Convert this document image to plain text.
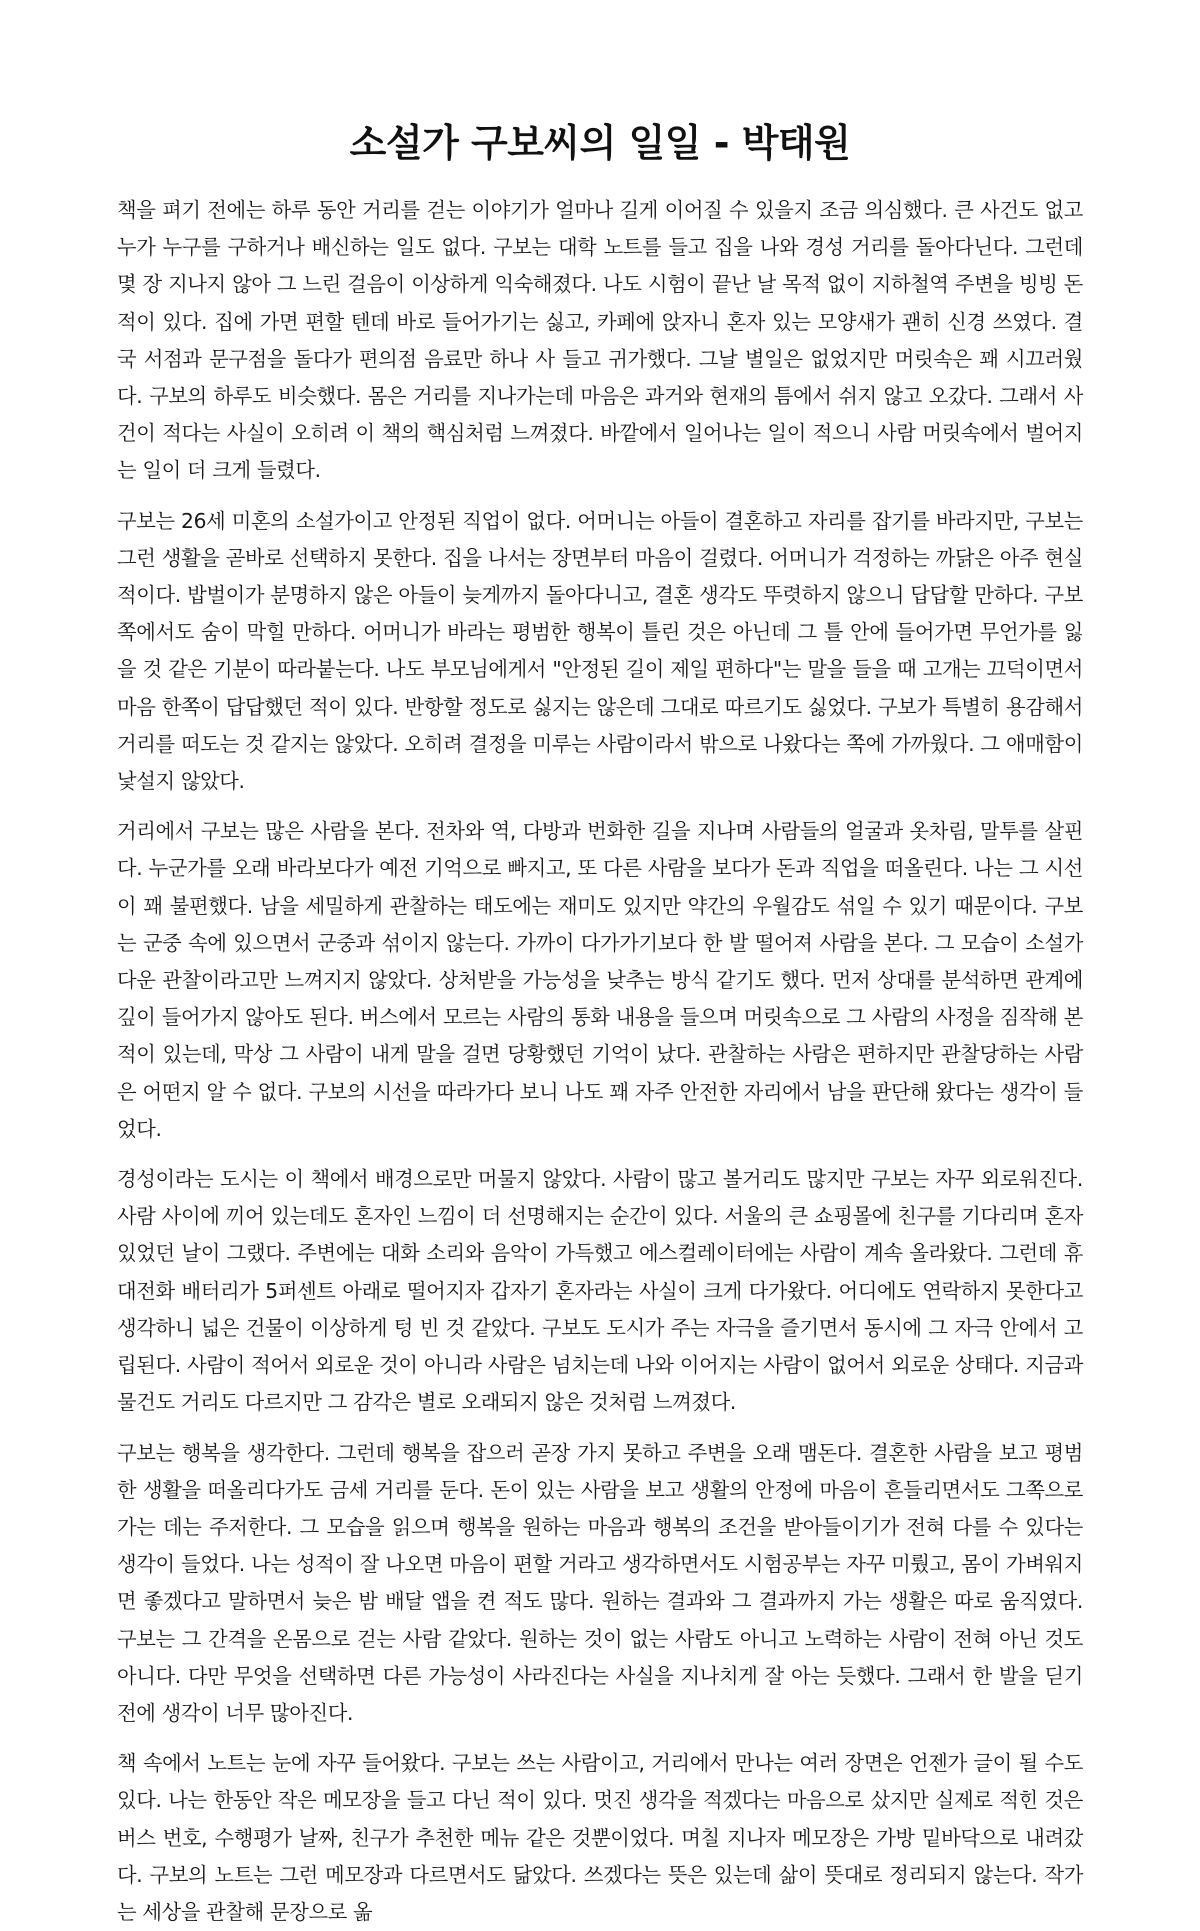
소설가 구보씨의 일일 - 박태원

책을 펴기 전에는 하루 동안 거리를 걷는 이야기가 얼마나 길게 이어질 수 있을지 조금 의심했다. 큰 사건도 없고 누가 누구를 구하거나 배신하는 일도 없다. 구보는 대학 노트를 들고 집을 나와 경성 거리를 돌아다닌다. 그런데 몇 장 지나지 않아 그 느린 걸음이 이상하게 익숙해졌다. 나도 시험이 끝난 날 목적 없이 지하철역 주변을 빙빙 돈 적이 있다. 집에 가면 편할 텐데 바로 들어가기는 싫고, 카페에 앉자니 혼자 있는 모양새가 괜히 신경 쓰였다. 결국 서점과 문구점을 돌다가 편의점 음료만 하나 사 들고 귀가했다. 그날 별일은 없었지만 머릿속은 꽤 시끄러웠다. 구보의 하루도 비슷했다. 몸은 거리를 지나가는데 마음은 과거와 현재의 틈에서 쉬지 않고 오갔다. 그래서 사건이 적다는 사실이 오히려 이 책의 핵심처럼 느껴졌다. 바깥에서 일어나는 일이 적으니 사람 머릿속에서 벌어지는 일이 더 크게 들렸다.

구보는 26세 미혼의 소설가이고 안정된 직업이 없다. 어머니는 아들이 결혼하고 자리를 잡기를 바라지만, 구보는 그런 생활을 곧바로 선택하지 못한다. 집을 나서는 장면부터 마음이 걸렸다. 어머니가 걱정하는 까닭은 아주 현실적이다. 밥벌이가 분명하지 않은 아들이 늦게까지 돌아다니고, 결혼 생각도 뚜렷하지 않으니 답답할 만하다. 구보 쪽에서도 숨이 막힐 만하다. 어머니가 바라는 평범한 행복이 틀린 것은 아닌데 그 틀 안에 들어가면 무언가를 잃을 것 같은 기분이 따라붙는다. 나도 부모님에게서 "안정된 길이 제일 편하다"는 말을 들을 때 고개는 끄덕이면서 마음 한쪽이 답답했던 적이 있다. 반항할 정도로 싫지는 않은데 그대로 따르기도 싫었다. 구보가 특별히 용감해서 거리를 떠도는 것 같지는 않았다. 오히려 결정을 미루는 사람이라서 밖으로 나왔다는 쪽에 가까웠다. 그 애매함이 낯설지 않았다.

거리에서 구보는 많은 사람을 본다. 전차와 역, 다방과 번화한 길을 지나며 사람들의 얼굴과 옷차림, 말투를 살핀다. 누군가를 오래 바라보다가 예전 기억으로 빠지고, 또 다른 사람을 보다가 돈과 직업을 떠올린다. 나는 그 시선이 꽤 불편했다. 남을 세밀하게 관찰하는 태도에는 재미도 있지만 약간의 우월감도 섞일 수 있기 때문이다. 구보는 군중 속에 있으면서 군중과 섞이지 않는다. 가까이 다가가기보다 한 발 떨어져 사람을 본다. 그 모습이 소설가다운 관찰이라고만 느껴지지 않았다. 상처받을 가능성을 낮추는 방식 같기도 했다. 먼저 상대를 분석하면 관계에 깊이 들어가지 않아도 된다. 버스에서 모르는 사람의 통화 내용을 들으며 머릿속으로 그 사람의 사정을 짐작해 본 적이 있는데, 막상 그 사람이 내게 말을 걸면 당황했던 기억이 났다. 관찰하는 사람은 편하지만 관찰당하는 사람은 어떤지 알 수 없다. 구보의 시선을 따라가다 보니 나도 꽤 자주 안전한 자리에서 남을 판단해 왔다는 생각이 들었다.

경성이라는 도시는 이 책에서 배경으로만 머물지 않았다. 사람이 많고 볼거리도 많지만 구보는 자꾸 외로워진다. 사람 사이에 끼어 있는데도 혼자인 느낌이 더 선명해지는 순간이 있다. 서울의 큰 쇼핑몰에 친구를 기다리며 혼자 있었던 날이 그랬다. 주변에는 대화 소리와 음악이 가득했고 에스컬레이터에는 사람이 계속 올라왔다. 그런데 휴대전화 배터리가 5퍼센트 아래로 떨어지자 갑자기 혼자라는 사실이 크게 다가왔다. 어디에도 연락하지 못한다고 생각하니 넓은 건물이 이상하게 텅 빈 것 같았다. 구보도 도시가 주는 자극을 즐기면서 동시에 그 자극 안에서 고립된다. 사람이 적어서 외로운 것이 아니라 사람은 넘치는데 나와 이어지는 사람이 없어서 외로운 상태다. 지금과 물건도 거리도 다르지만 그 감각은 별로 오래되지 않은 것처럼 느껴졌다.

구보는 행복을 생각한다. 그런데 행복을 잡으러 곧장 가지 못하고 주변을 오래 맴돈다. 결혼한 사람을 보고 평범한 생활을 떠올리다가도 금세 거리를 둔다. 돈이 있는 사람을 보고 생활의 안정에 마음이 흔들리면서도 그쪽으로 가는 데는 주저한다. 그 모습을 읽으며 행복을 원하는 마음과 행복의 조건을 받아들이기가 전혀 다를 수 있다는 생각이 들었다. 나는 성적이 잘 나오면 마음이 편할 거라고 생각하면서도 시험공부는 자꾸 미뤘고, 몸이 가벼워지면 좋겠다고 말하면서 늦은 밤 배달 앱을 켠 적도 많다. 원하는 결과와 그 결과까지 가는 생활은 따로 움직였다. 구보는 그 간격을 온몸으로 걷는 사람 같았다. 원하는 것이 없는 사람도 아니고 노력하는 사람이 전혀 아닌 것도 아니다. 다만 무엇을 선택하면 다른 가능성이 사라진다는 사실을 지나치게 잘 아는 듯했다. 그래서 한 발을 딛기 전에 생각이 너무 많아진다.

책 속에서 노트는 눈에 자꾸 들어왔다. 구보는 쓰는 사람이고, 거리에서 만나는 여러 장면은 언젠가 글이 될 수도 있다. 나는 한동안 작은 메모장을 들고 다닌 적이 있다. 멋진 생각을 적겠다는 마음으로 샀지만 실제로 적힌 것은 버스 번호, 수행평가 날짜, 친구가 추천한 메뉴 같은 것뿐이었다. 며칠 지나자 메모장은 가방 밑바닥으로 내려갔다. 구보의 노트는 그런 메모장과 다르면서도 닮았다. 쓰겠다는 뜻은 있는데 삶이 뜻대로 정리되지 않는다. 작가는 세상을 관찰해 문장으로 옮
